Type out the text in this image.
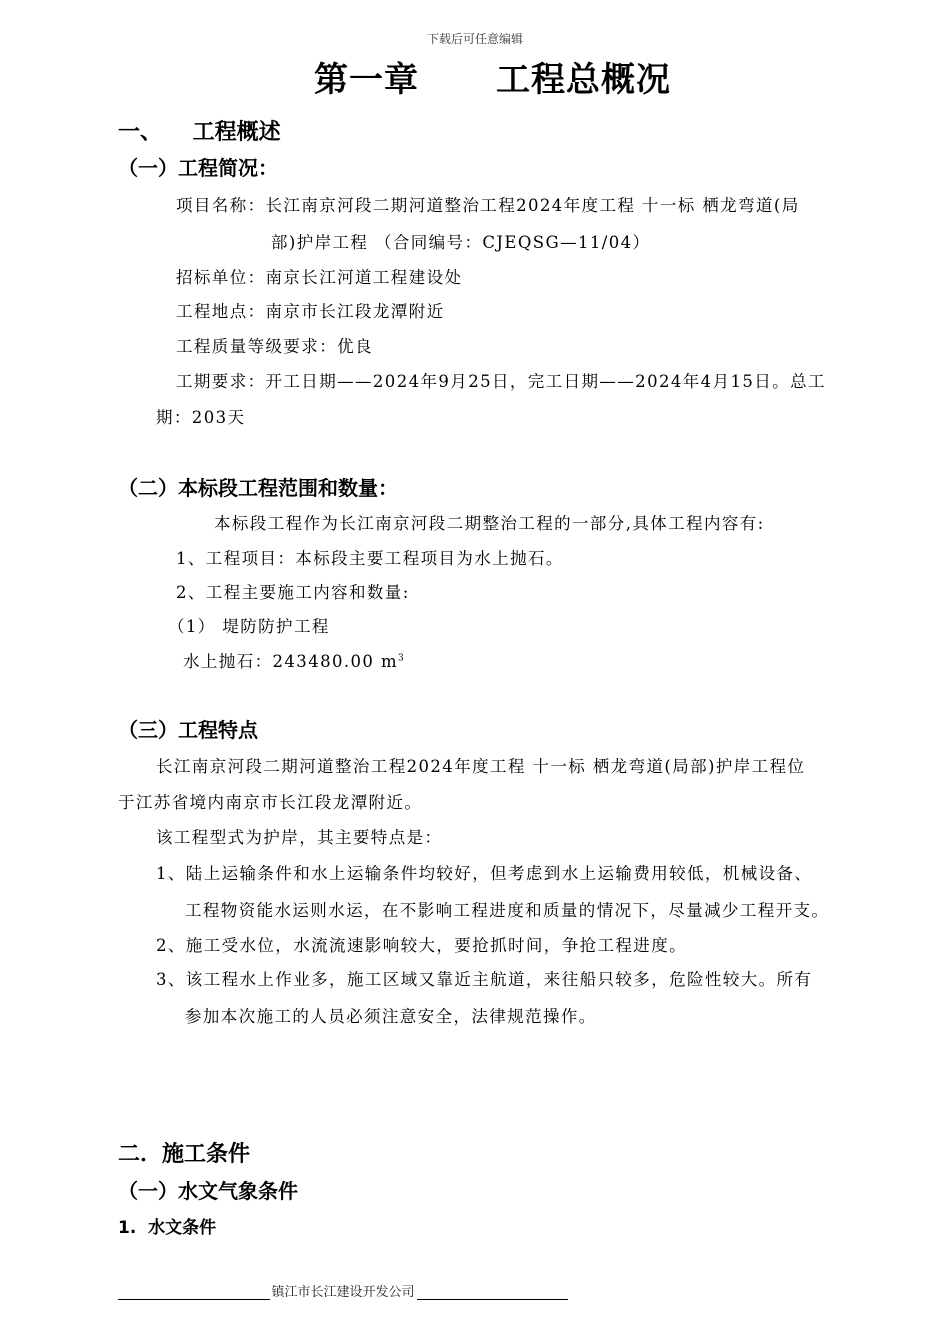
下载后可任意编辑
第一章      工程总概况
一、    工程概述
（一）工程简况：
项目名称：长江南京河段二期河道整治工程2024年度工程 十一标 栖龙弯道(局
部)护岸工程 （合同编号：CJEQSG—11/04）
招标单位：南京长江河道工程建设处
工程地点：南京市长江段龙潭附近
工程质量等级要求：优良
工期要求：开工日期——2024年9月25日，完工日期——2024年4月15日。总工
期：203天
（二）本标段工程范围和数量：
本标段工程作为长江南京河段二期整治工程的一部分,具体工程内容有:
1、工程项目：本标段主要工程项目为水上抛石。
2、工程主要施工内容和数量:
（1） 堤防防护工程
水上抛石：243480.00 $m^3$
（三）工程特点
长江南京河段二期河道整治工程2024年度工程 十一标 栖龙弯道(局部)护岸工程位
于江苏省境内南京市长江段龙潭附近。
该工程型式为护岸，其主要特点是：
1、陆上运输条件和水上运输条件均较好，但考虑到水上运输费用较低，机械设备、
工程物资能水运则水运，在不影响工程进度和质量的情况下，尽量减少工程开支。
2、施工受水位，水流流速影响较大，要抢抓时间，争抢工程进度。
3、该工程水上作业多，施工区域又靠近主航道，来往船只较多，危险性较大。所有
参加本次施工的人员必须注意安全，法律规范操作。
二．施工条件
（一）水文气象条件
1.  水文条件
镇江市长江建设开发公司
